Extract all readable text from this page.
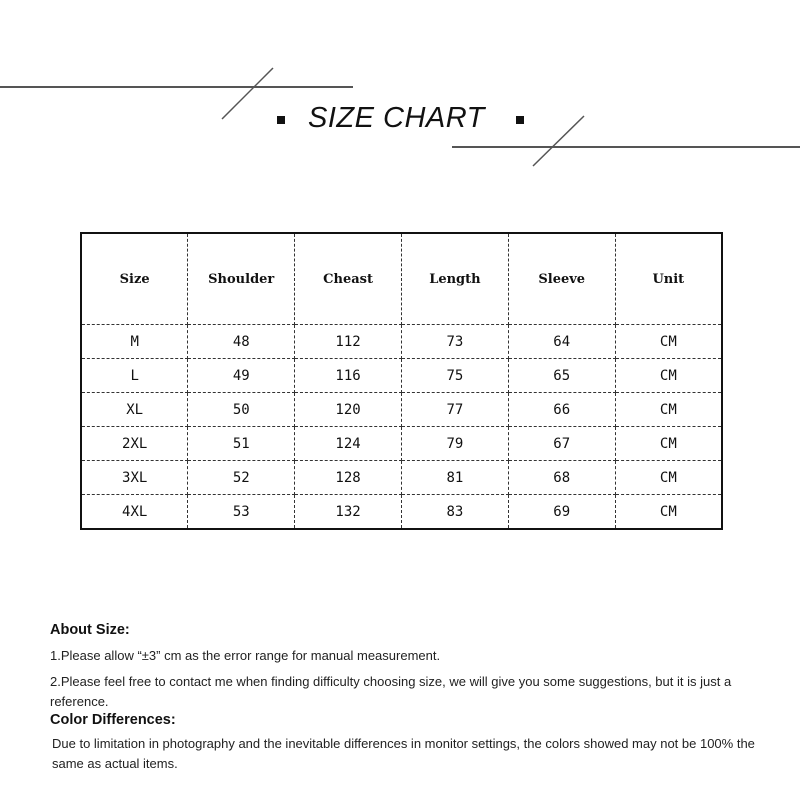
SIZE CHART
Size	Shoulder	Cheast	Length	Sleeve	Unit
M	48	112	73	64	CM
L	49	116	75	65	CM
XL	50	120	77	66	CM
2XL	51	124	79	67	CM
3XL	52	128	81	68	CM
4XL	53	132	83	69	CM
About Size:

1.Please allow “±3” cm as the error range for manual measurement.

2.Please feel free to contact me when finding difficulty choosing size, we will give you some suggestions, but it is just a reference.

Color Differences:

Due to limitation in photography and the inevitable differences in monitor settings, the colors showed may not be 100% the same as actual items.
